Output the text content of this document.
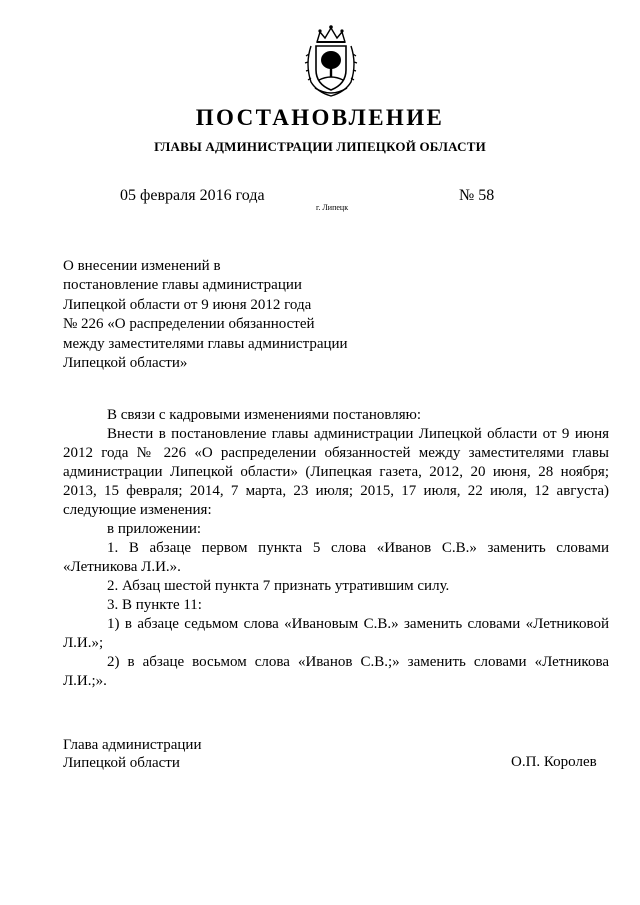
ПОСТАНОВЛЕНИЕ
ГЛАВЫ АДМИНИСТРАЦИИ ЛИПЕЦКОЙ ОБЛАСТИ
05 февраля 2016 года
г. Липецк
№ 58
О внесении изменений в
постановление главы администрации
Липецкой области от 9 июня 2012 года
№ 226 «О распределении обязанностей
между заместителями главы администрации
Липецкой области»

В связи с кадровыми изменениями постановляю:

Внести в постановление главы администрации Липецкой области от 9 июня 2012 года № 226 «О распределении обязанностей между заместителями главы администрации Липецкой области» (Липецкая газета, 2012, 20 июня, 28 ноября; 2013, 15 февраля; 2014, 7 марта, 23 июля; 2015, 17 июля, 22 июля, 12 августа) следующие изменения:

в приложении:

1. В абзаце первом пункта 5 слова «Иванов С.В.» заменить словами «Летникова Л.И.».

2. Абзац шестой пункта 7 признать утратившим силу.

3. В пункте 11:

1) в абзаце седьмом слова «Ивановым С.В.» заменить словами «Летниковой Л.И.»;

2) в абзаце восьмом слова «Иванов С.В.;» заменить словами «Летникова Л.И.;».

Глава администрации
Липецкой области	О.П. Королев
